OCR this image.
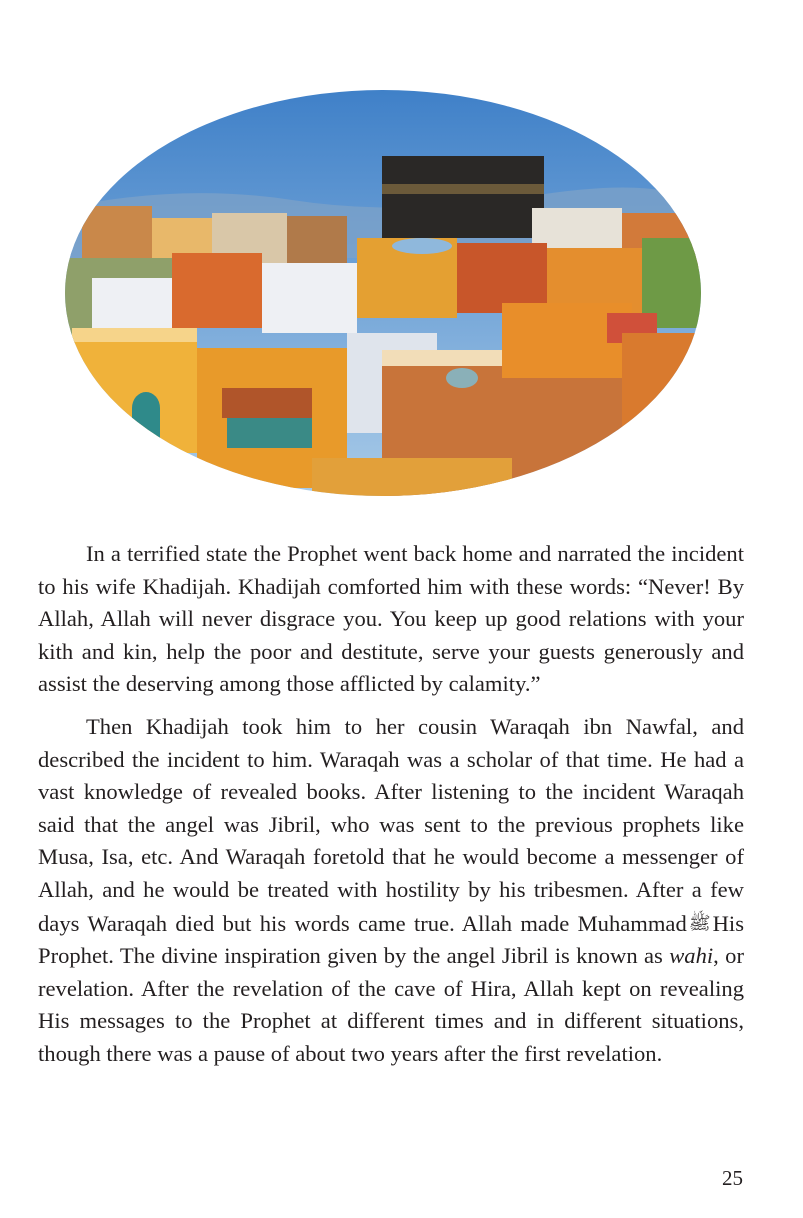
In a terrified state the Prophet went back home and narrated the incident to his wife Khadijah. Khadijah comforted him with these words: “Never! By Allah, Allah will never disgrace you. You keep up good relations with your kith and kin, help the poor and destitute, serve your guests generously and assist the deserving among those afflicted by calamity.”

Then Khadijah took him to her cousin Waraqah ibn Nawfal, and described the incident to him. Waraqah was a scholar of that time. He had a vast knowledge of revealed books. After listening to the incident Waraqah said that the angel was Jibril, who was sent to the previous prophets like Musa, Isa, etc. And Waraqah foretold that he would become a messenger of Allah, and he would be treated with hostility by his tribesmen. After a few days Waraqah died but his words came true. Allah made Muhammad ﷺHis Prophet. The divine inspiration given by the angel Jibril is known as wahi, or revelation. After the revelation of the cave of Hira, Allah kept on revealing His messages to the Prophet at different times and in different situations, though there was a pause of about two years after the first revelation.

25
